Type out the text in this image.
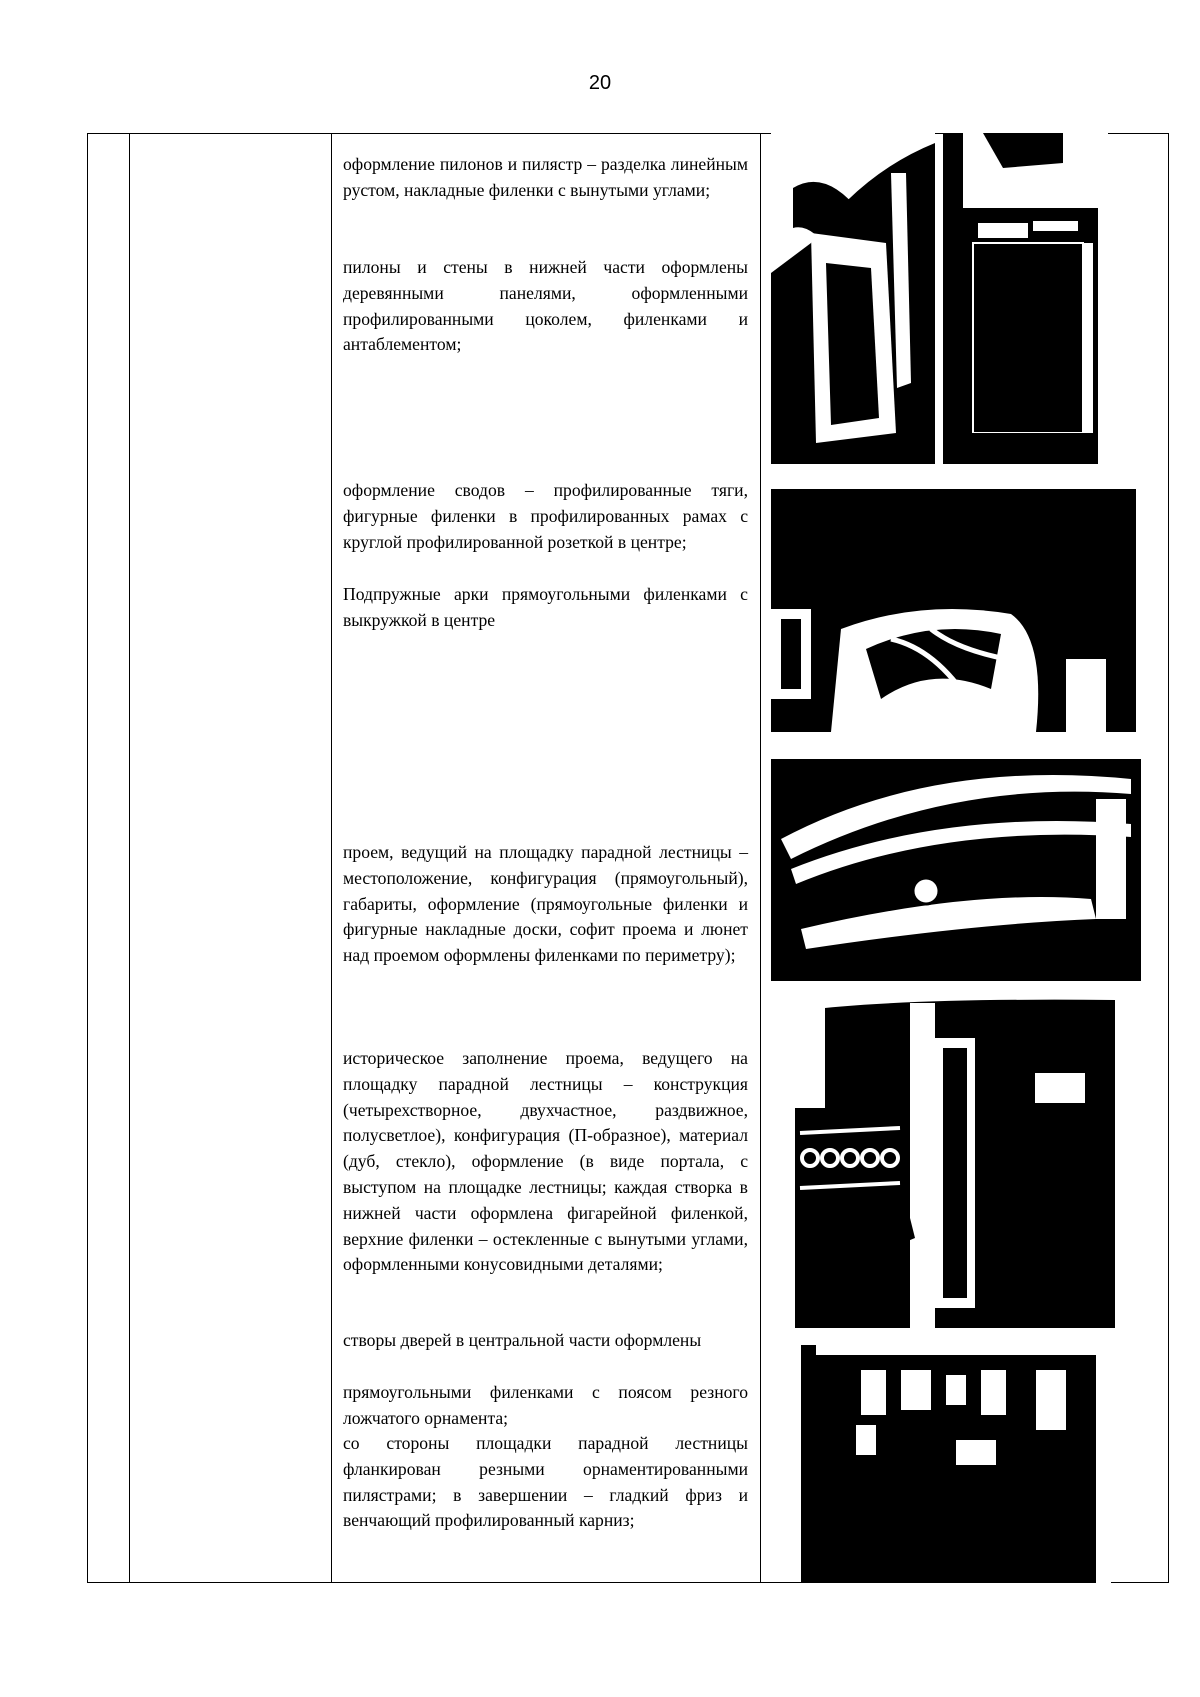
20

оформление пилонов и пилястр – разделка линейным рустом, накладные филенки с вынутыми углами;

пилоны и стены в нижней части оформлены деревянными панелями, оформленными профилированными цоколем, филенками и антаблементом;

оформление сводов – профилированные тяги, фигурные филенки в профилированных рамах с круглой профилированной розеткой в центре;

Подпружные арки прямоугольными филенками с выкружкой в центре

проем, ведущий на площадку парадной лестницы – местоположение, конфигурация (прямоугольный), габариты, оформление (прямоугольные филенки и фигурные накладные доски, софит проема и люнет над проемом оформлены филенками по периметру);

историческое заполнение проема, ведущего на площадку парадной лестницы – конструкция (четырехстворное, двухчастное, раздвижное, полусветлое), конфигурация (П-образное), материал (дуб, стекло), оформление (в виде портала, с выступом на площадке лестницы; каждая створка в нижней части оформлена фигарейной филенкой, верхние филенки – остекленные с вынутыми углами, оформленными конусовидными деталями;

створы дверей в центральной части оформлены

прямоугольными филенками с поясом резного ложчатого орнамента;

со стороны площадки парадной лестницы фланкирован резными орнаментированными пилястрами; в завершении – гладкий фриз и венчающий профилированный карниз;
